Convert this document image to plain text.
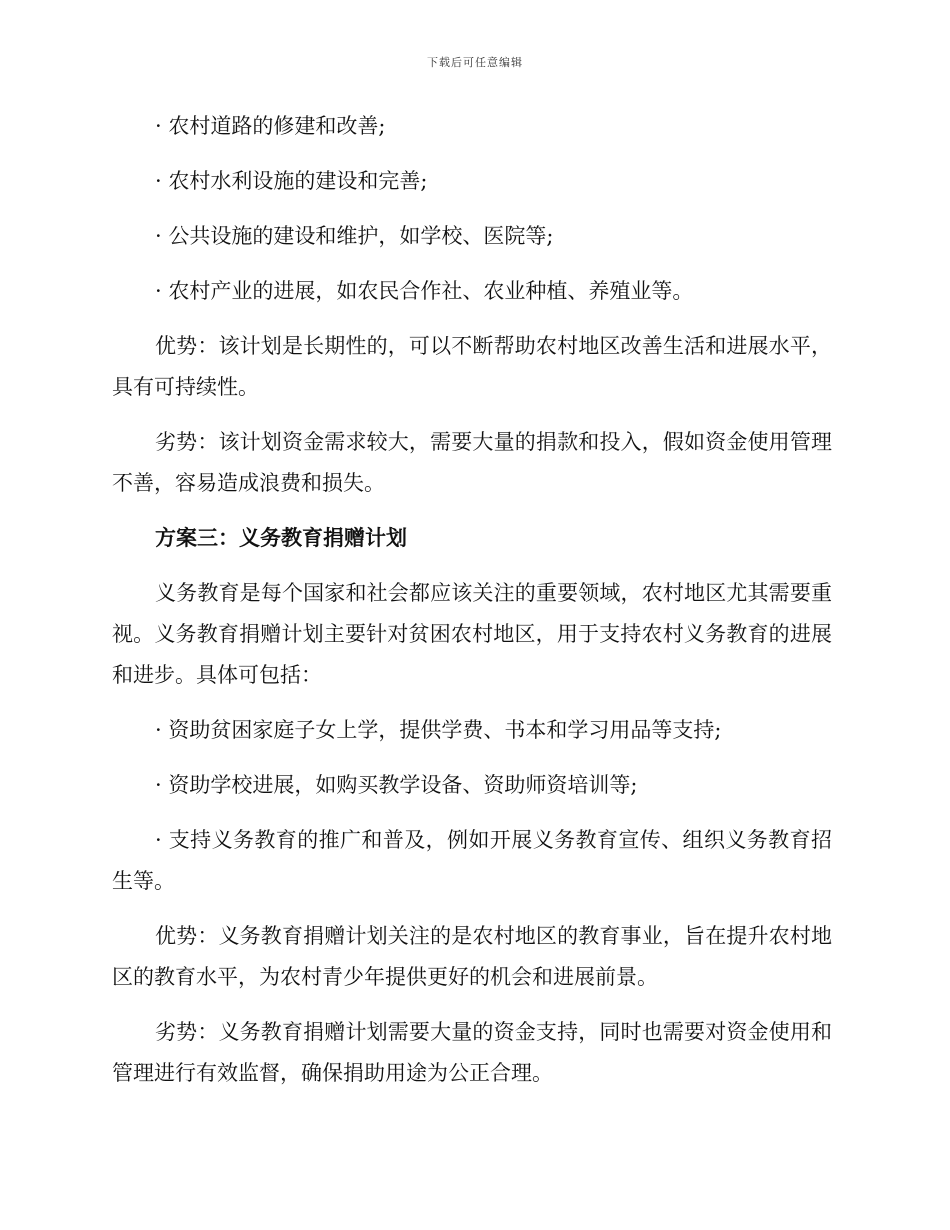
下载后可任意编辑

· 农村道路的修建和改善;

· 农村水利设施的建设和完善;

· 公共设施的建设和维护，如学校、医院等;

· 农村产业的进展，如农民合作社、农业种植、养殖业等。

优势：该计划是长期性的，可以不断帮助农村地区改善生活和进展水平，具有可持续性。

劣势：该计划资金需求较大，需要大量的捐款和投入，假如资金使用管理不善，容易造成浪费和损失。

方案三：义务教育捐赠计划

义务教育是每个国家和社会都应该关注的重要领域，农村地区尤其需要重视。义务教育捐赠计划主要针对贫困农村地区，用于支持农村义务教育的进展和进步。具体可包括：

· 资助贫困家庭子女上学，提供学费、书本和学习用品等支持;

· 资助学校进展，如购买教学设备、资助师资培训等;

· 支持义务教育的推广和普及，例如开展义务教育宣传、组织义务教育招生等。

优势：义务教育捐赠计划关注的是农村地区的教育事业，旨在提升农村地区的教育水平，为农村青少年提供更好的机会和进展前景。

劣势：义务教育捐赠计划需要大量的资金支持，同时也需要对资金使用和管理进行有效监督，确保捐助用途为公正合理。
